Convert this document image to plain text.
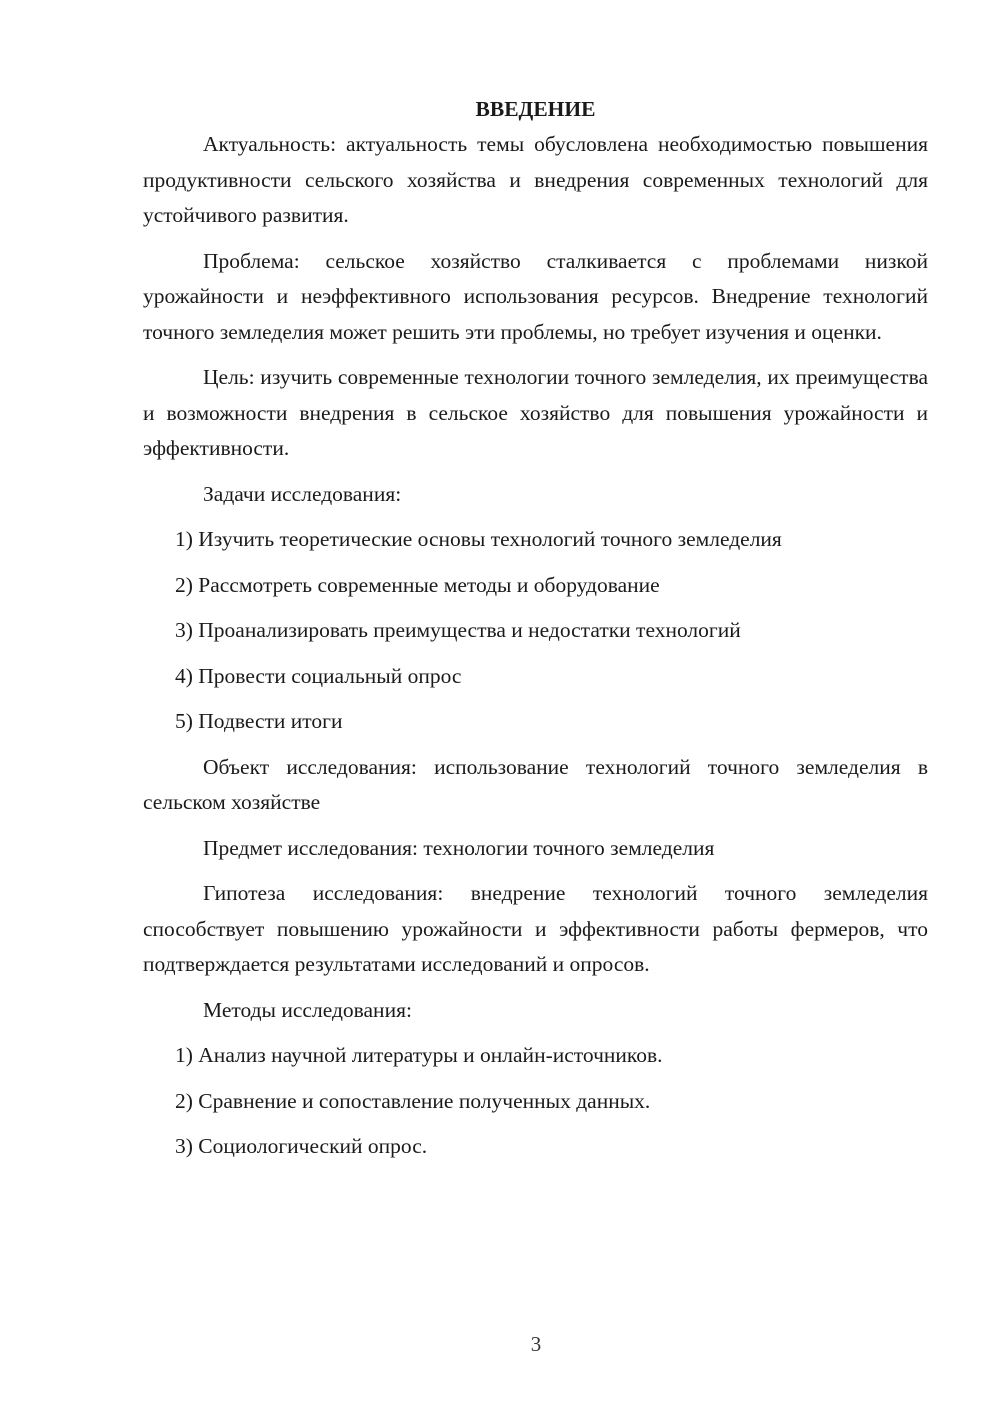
ВВЕДЕНИЕ

Актуальность: актуальность темы обусловлена необходимостью повышения продуктивности сельского хозяйства и внедрения современных технологий для устойчивого развития.

Проблема: сельское хозяйство сталкивается с проблемами низкой урожайности и неэффективного использования ресурсов. Внедрение технологий точного земледелия может решить эти проблемы, но требует изучения и оценки.

Цель: изучить современные технологии точного земледелия, их преимущества и возможности внедрения в сельское хозяйство для повышения урожайности и эффективности.

Задачи исследования:

1) Изучить теоретические основы технологий точного земледелия

2) Рассмотреть современные методы и оборудование

3) Проанализировать преимущества и недостатки технологий

4) Провести социальный опрос

5) Подвести итоги

Объект исследования: использование технологий точного земледелия в сельском хозяйстве

Предмет исследования: технологии точного земледелия

Гипотеза исследования: внедрение технологий точного земледелия способствует повышению урожайности и эффективности работы фермеров, что подтверждается результатами исследований и опросов.

Методы исследования:

1) Анализ научной литературы и онлайн-источников.

2) Сравнение и сопоставление полученных данных.

3) Социологический опрос.

3
